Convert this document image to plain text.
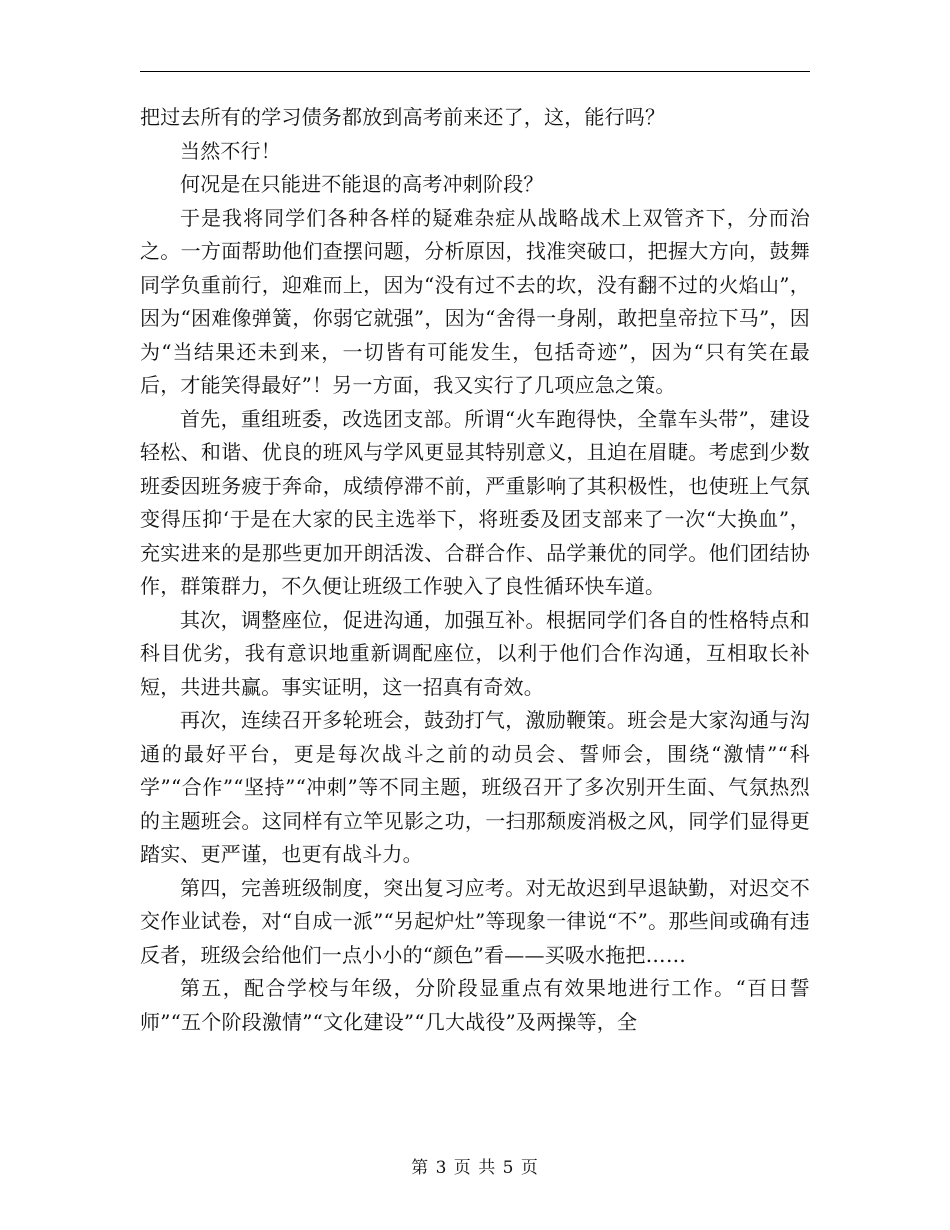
把过去所有的学习债务都放到高考前来还了，这，能行吗？

当然不行！

何况是在只能进不能退的高考冲刺阶段？

于是我将同学们各种各样的疑难杂症从战略战术上双管齐下，分而治之。一方面帮助他们查摆问题，分析原因，找准突破口，把握大方向，鼓舞同学负重前行，迎难而上，因为“没有过不去的坎，没有翻不过的火焰山”，因为“困难像弹簧，你弱它就强”，因为“舍得一身剐，敢把皇帝拉下马”，因为“当结果还未到来，一切皆有可能发生，包括奇迹”，因为“只有笑在最后，才能笑得最好”！另一方面，我又实行了几项应急之策。

首先，重组班委，改选团支部。所谓“火车跑得快，全靠车头带”，建设轻松、和谐、优良的班风与学风更显其特别意义，且迫在眉睫。考虑到少数班委因班务疲于奔命，成绩停滞不前，严重影响了其积极性，也使班上气氛变得压抑‘于是在大家的民主选举下，将班委及团支部来了一次“大换血”，充实进来的是那些更加开朗活泼、合群合作、品学兼优的同学。他们团结协作，群策群力，不久便让班级工作驶入了良性循环快车道。

其次，调整座位，促进沟通，加强互补。根据同学们各自的性格特点和科目优劣，我有意识地重新调配座位，以利于他们合作沟通，互相取长补短，共进共赢。事实证明，这一招真有奇效。

再次，连续召开多轮班会，鼓劲打气，激励鞭策。班会是大家沟通与沟通的最好平台，更是每次战斗之前的动员会、誓师会，围绕“激情”“科学”“合作”“坚持”“冲刺”等不同主题，班级召开了多次别开生面、气氛热烈的主题班会。这同样有立竿见影之功，一扫那颓废消极之风，同学们显得更踏实、更严谨，也更有战斗力。

第四，完善班级制度，突出复习应考。对无故迟到早退缺勤，对迟交不交作业试卷，对“自成一派”“另起炉灶”等现象一律说“不”。那些间或确有违反者，班级会给他们一点小小的“颜色”看——买吸水拖把……

第五，配合学校与年级，分阶段显重点有效果地进行工作。“百日誓师”“五个阶段激情”“文化建设”“几大战役”及两操等，全

第 3 页 共 5 页
